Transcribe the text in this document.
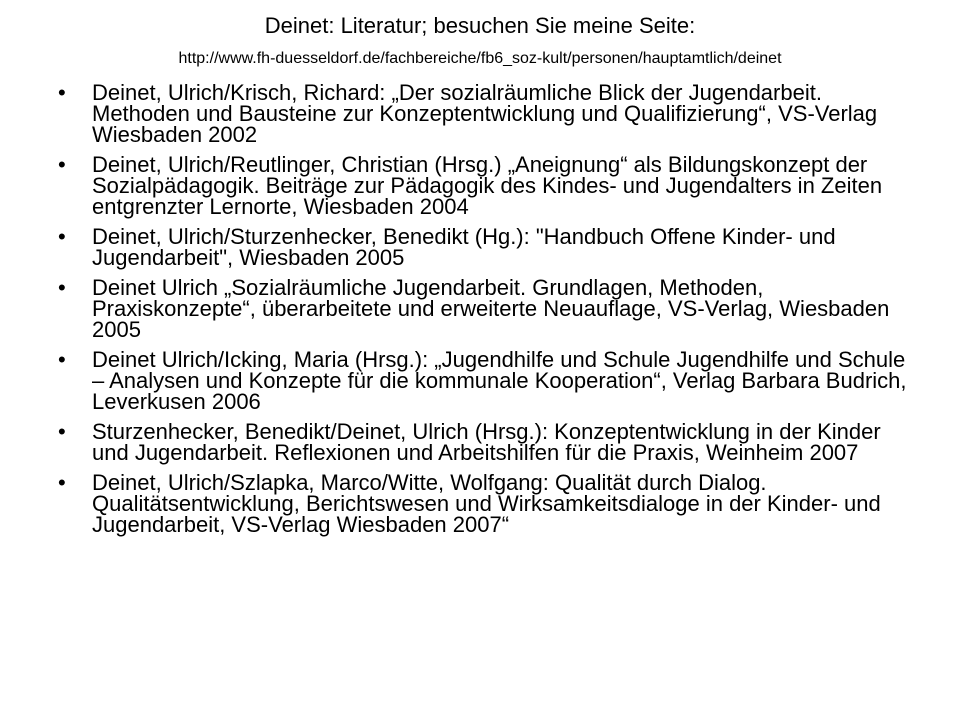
Deinet: Literatur; besuchen Sie meine Seite:
http://www.fh-duesseldorf.de/fachbereiche/fb6_soz-kult/personen/hauptamtlich/deinet
• Deinet, Ulrich/Krisch, Richard: „Der sozialräumliche Blick der Jugendarbeit. Methoden und Bausteine zur Konzeptentwicklung und Qualifizierung“, VS-Verlag Wiesbaden 2002
• Deinet, Ulrich/Reutlinger, Christian (Hrsg.) „Aneignung“ als Bildungskonzept der Sozialpädagogik. Beiträge zur Pädagogik des Kindes- und Jugendalters in Zeiten entgrenzter Lernorte, Wiesbaden 2004
• Deinet, Ulrich/Sturzenhecker, Benedikt (Hg.): "Handbuch Offene Kinder- und Jugendarbeit", Wiesbaden 2005
• Deinet Ulrich „Sozialräumliche Jugendarbeit. Grundlagen, Methoden, Praxiskonzepte“, überarbeitete und erweiterte Neuauflage, VS-Verlag, Wiesbaden 2005
• Deinet Ulrich/Icking, Maria (Hrsg.): „Jugendhilfe und Schule Jugendhilfe und Schule – Analysen und Konzepte für die kommunale Kooperation“, Verlag Barbara Budrich, Leverkusen 2006
• Sturzenhecker, Benedikt/Deinet, Ulrich (Hrsg.): Konzeptentwicklung in der Kinder und Jugendarbeit. Reflexionen und Arbeitshilfen für die Praxis, Weinheim 2007
• Deinet, Ulrich/Szlapka, Marco/Witte, Wolfgang: Qualität durch Dialog. Qualitätsentwicklung, Berichtswesen und Wirksamkeitsdialoge in der Kinder- und Jugendarbeit, VS-Verlag Wiesbaden 2007“
